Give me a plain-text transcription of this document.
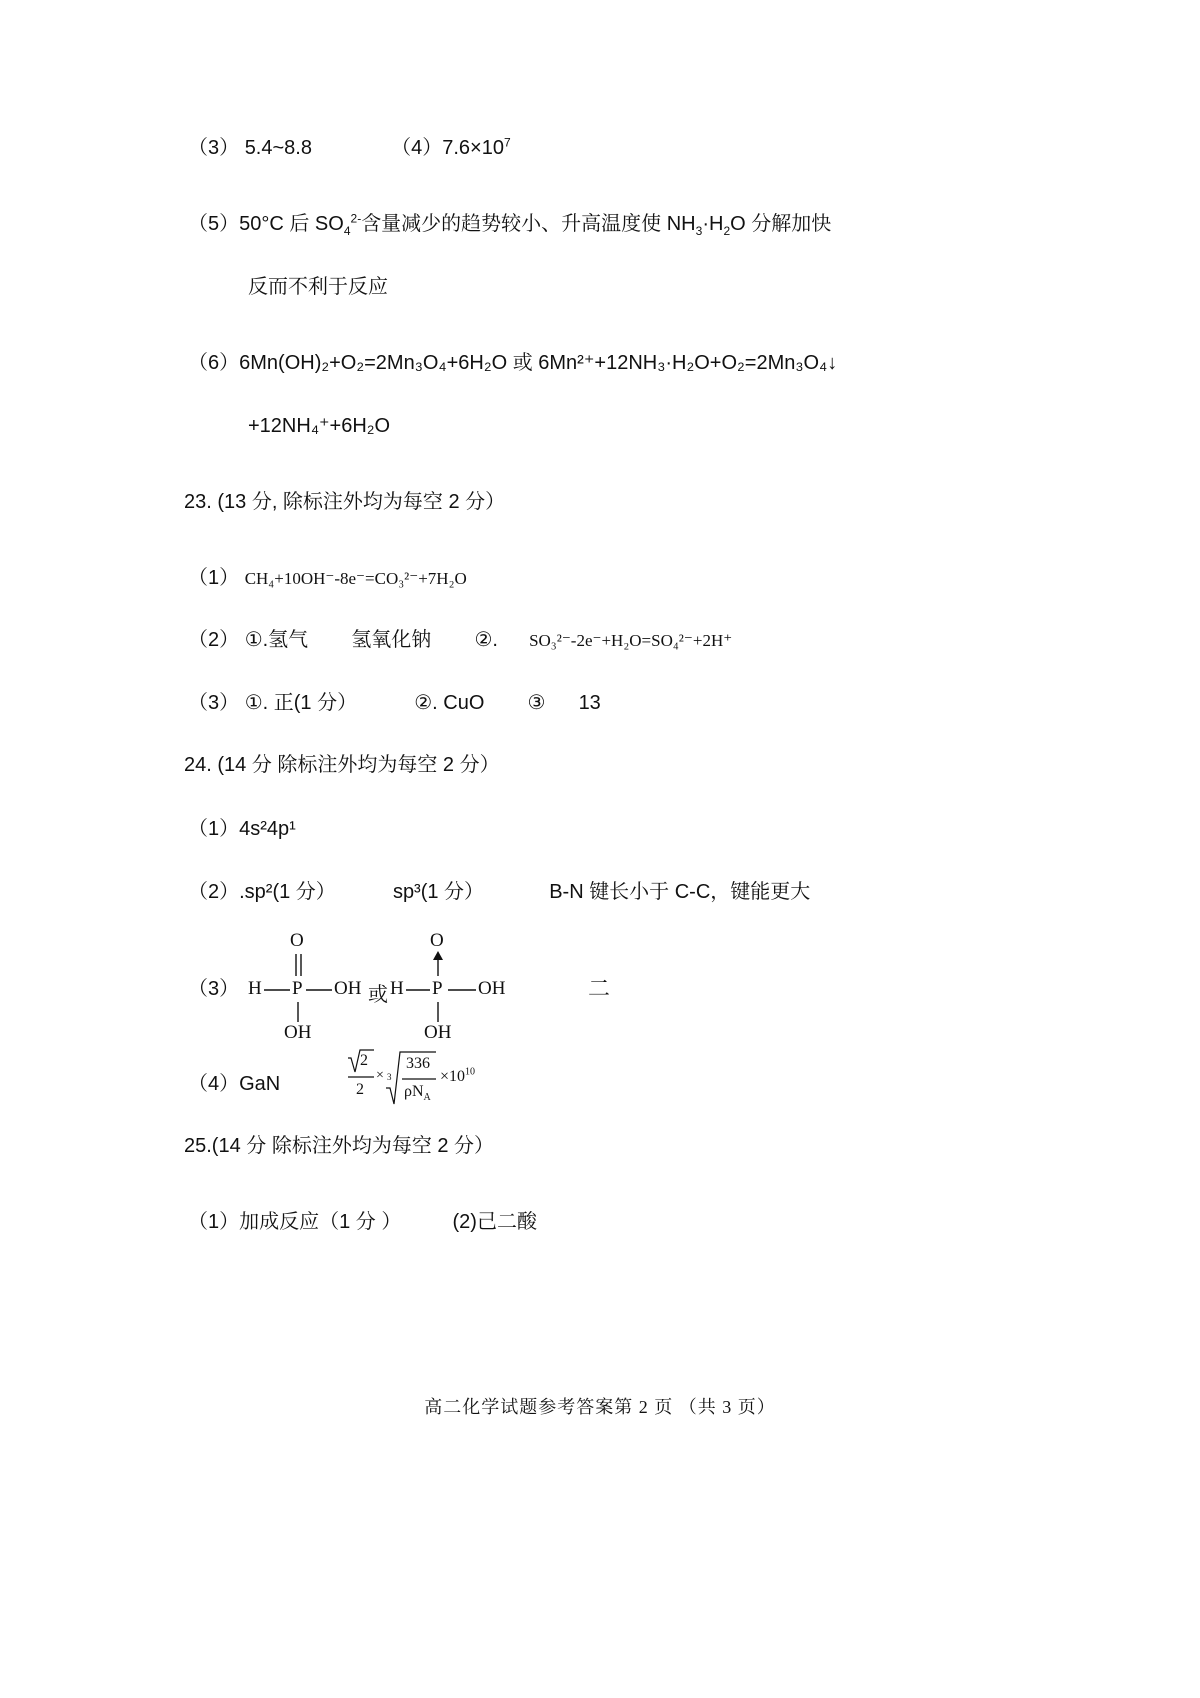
（3） 5.4~8.8	$(4)7.6\times 10^7$
（5）50°C 后 $SO_4^{2-}$含量减少的趋势较小、升高温度使 $NH_3\cdot H_2O$ 分解加快
反而不利于反应
（6）6Mn(OH)₂+O₂=2Mn₃O₄+6H₂O 或 6Mn²⁺+12NH₃·H₂O+O₂=2Mn₃O₄↓
+12NH₄⁺+6H₂O
23. (13 分, 除标注外均为每空 2 分）
（1） CH₄+10OH⁻-8e⁻=CO₃²⁻+7H₂O
（2） ①.氢气 氢氧化钠 ②. SO₃²⁻-2e⁻+H₂O=SO₄²⁻+2H⁺
（3） ①. 正(1 分）	②. CuO ③ 13
24. (14 分 除标注外均为每空 2 分）
（1）4s²4p¹
（2）.sp²(1 分）	sp³(1 分）	B-N 键长小于 C-C，键能更大
（3）
O
H P OH
OH
或
O
H P OH
OH
二
（4）GaN
2
2
× 3
336
$\rho N_A$
$\times 10^{10}$
25.(14 分 除标注外均为每空 2 分）
（1）加成反应（1 分 ）	(2)己二酸
高二化学试题参考答案第 2 页 （共 3 页）
